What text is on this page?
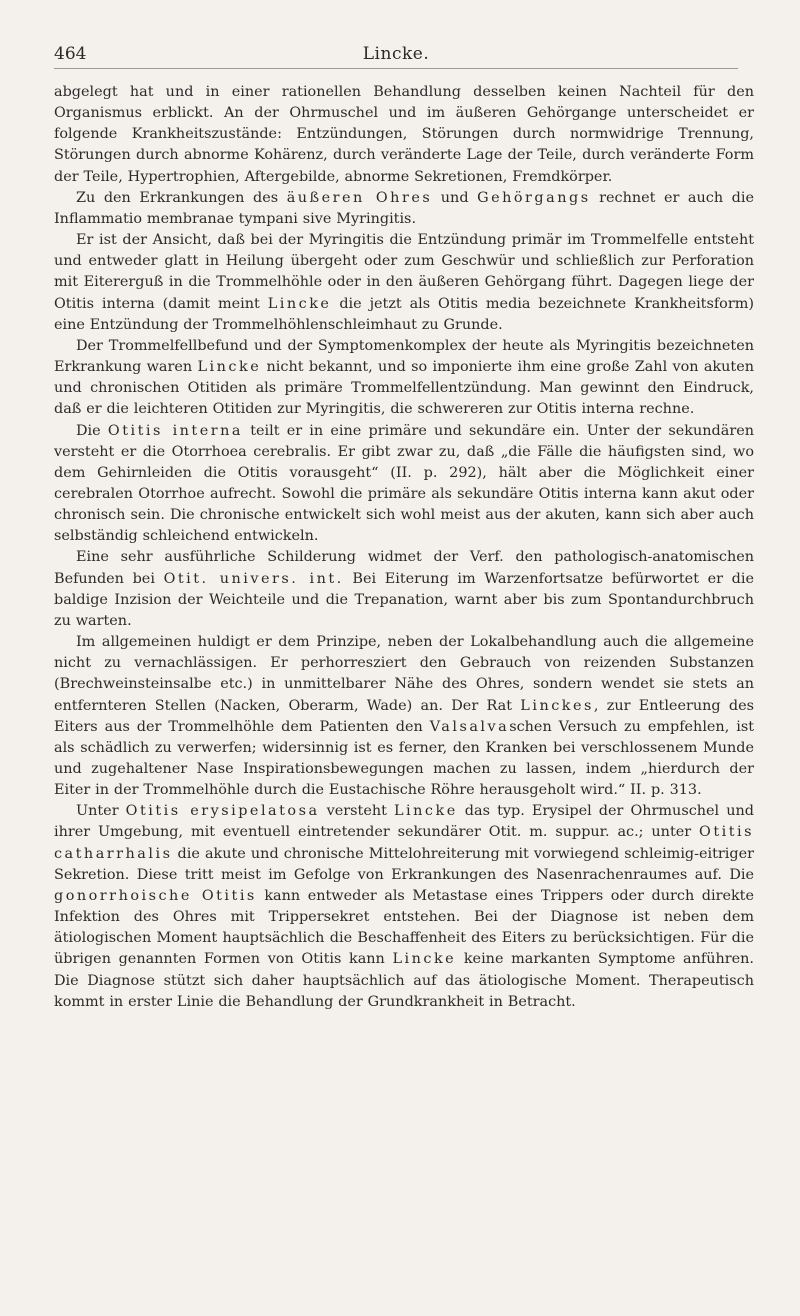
464	Lincke.

abgelegt hat und in einer rationellen Behandlung desselben keinen Nachteil für den Organismus erblickt. An der Ohrmuschel und im äußeren Gehörgange unterscheidet er folgende Krankheitszustände: Entzündungen, Störungen durch normwidrige Trennung, Störungen durch abnorme Kohärenz, durch veränderte Lage der Teile, durch veränderte Form der Teile, Hypertrophien, Aftergebilde, abnorme Sekretionen, Fremdkörper.

Zu den Erkrankungen des äußeren Ohres und Gehörgangs rechnet er auch die Inflammatio membranae tympani sive Myringitis.

Er ist der Ansicht, daß bei der Myringitis die Entzündung primär im Trommelfelle entsteht und entweder glatt in Heilung übergeht oder zum Geschwür und schließlich zur Perforation mit Eitererguß in die Trommelhöhle oder in den äußeren Gehörgang führt. Dagegen liege der Otitis interna (damit meint Lincke die jetzt als Otitis media bezeichnete Krankheitsform) eine Entzündung der Trommelhöhlenschleimhaut zu Grunde.

Der Trommelfellbefund und der Symptomenkomplex der heute als Myringitis bezeichneten Erkrankung waren Lincke nicht bekannt, und so imponierte ihm eine große Zahl von akuten und chronischen Otitiden als primäre Trommelfellentzündung. Man gewinnt den Eindruck, daß er die leichteren Otitiden zur Myringitis, die schwereren zur Otitis interna rechne.

Die Otitis interna teilt er in eine primäre und sekundäre ein. Unter der sekundären versteht er die Otorrhoea cerebralis. Er gibt zwar zu, daß „die Fälle die häufigsten sind, wo dem Gehirnleiden die Otitis vorausgeht“ (II. p. 292), hält aber die Möglichkeit einer cerebralen Otorrhoe aufrecht. Sowohl die primäre als sekundäre Otitis interna kann akut oder chronisch sein. Die chronische entwickelt sich wohl meist aus der akuten, kann sich aber auch selbständig schleichend entwickeln.

Eine sehr ausführliche Schilderung widmet der Verf. den pathologisch-anatomischen Befunden bei Otit. univers. int. Bei Eiterung im Warzenfortsatze befürwortet er die baldige Inzision der Weichteile und die Trepanation, warnt aber bis zum Spontandurchbruch zu warten.

Im allgemeinen huldigt er dem Prinzipe, neben der Lokalbehandlung auch die allgemeine nicht zu vernachlässigen. Er perhorresziert den Gebrauch von reizenden Substanzen (Brechweinsteinsalbe etc.) in unmittelbarer Nähe des Ohres, sondern wendet sie stets an entfernteren Stellen (Nacken, Oberarm, Wade) an. Der Rat Linckes, zur Entleerung des Eiters aus der Trommelhöhle dem Patienten den Valsalvaschen Versuch zu empfehlen, ist als schädlich zu verwerfen; widersinnig ist es ferner, den Kranken bei verschlossenem Munde und zugehaltener Nase Inspirationsbewegungen machen zu lassen, indem „hierdurch der Eiter in der Trommelhöhle durch die Eustachische Röhre herausgeholt wird.“ II. p. 313.

Unter Otitis erysipelatosa versteht Lincke das typ. Erysipel der Ohrmuschel und ihrer Umgebung, mit eventuell eintretender sekundärer Otit. m. suppur. ac.; unter Otitis catharrhalis die akute und chronische Mittelohreiterung mit vorwiegend schleimig-eitriger Sekretion. Diese tritt meist im Gefolge von Erkrankungen des Nasenrachenraumes auf. Die gonorrhoische Otitis kann entweder als Metastase eines Trippers oder durch direkte Infektion des Ohres mit Trippersekret entstehen. Bei der Diagnose ist neben dem ätiologischen Moment hauptsächlich die Beschaffenheit des Eiters zu berücksichtigen. Für die übrigen genannten Formen von Otitis kann Lincke keine markanten Symptome anführen. Die Diagnose stützt sich daher hauptsächlich auf das ätiologische Moment. Therapeutisch kommt in erster Linie die Behandlung der Grundkrankheit in Betracht.
